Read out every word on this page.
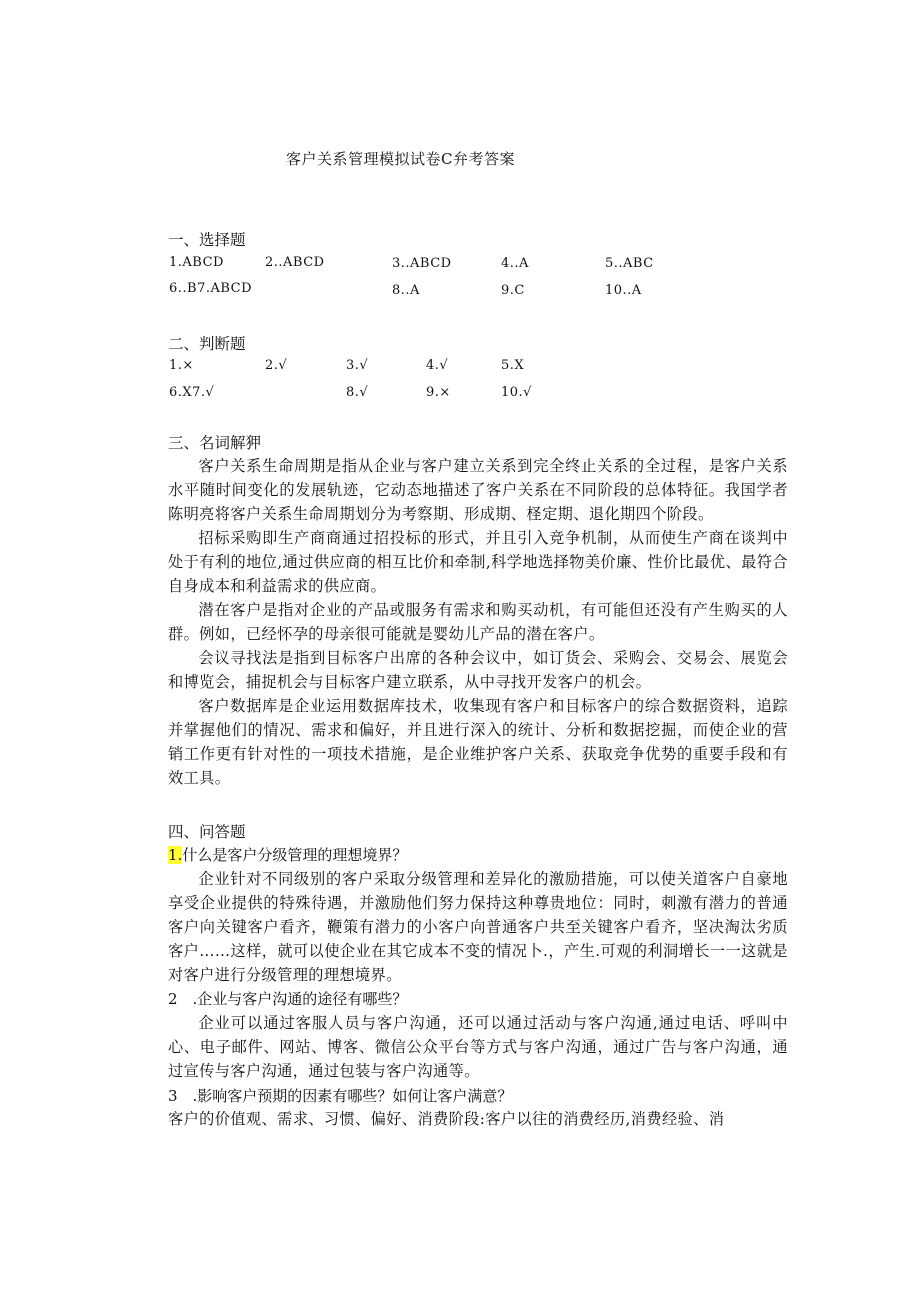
客户关系管理模拟试卷C弁考答案
一、选择题
1.ABCD	2..ABCD	3..ABCD	4..A	5..ABC
6..B7.ABCD	8..A	9.C	10..A
二、判断题
1.×	2.√	3.√	4.√	5.X
6.X7.√	8.√	9.×	10.√
三、名词解狎

客户关系生命周期是指从企业与客户建立关系到完全终止关系的全过程，是客户关系水平随时间变化的发展轨迹，它动态地描述了客户关系在不同阶段的总体特征。我国学者陈明亮将客户关系生命周期划分为考察期、形成期、柽定期、退化期四个阶段。

招标采购即生产商商通过招投标的形式，并且引入竞争机制，从而使生产商在谈判中处于有利的地位,通过供应商的相互比价和牵制,科学地选择物美价廉、性价比最优、最符合自身成本和利益需求的供应商。

潜在客户是指对企业的产品或服务有需求和购买动机，有可能但还没有产生购买的人群。例如，已经怀孕的母亲很可能就是婴幼儿产品的潜在客户。

会议寻找法是指到目标客户出席的各种会议中，如订货会、采购会、交易会、展览会和博览会，捕捉机会与目标客户建立联系，从中寻找开发客户的机会。

客户数据库是企业运用数据库技术，收集现有客户和目标客户的综合数据资料，追踪并掌握他们的情况、需求和偏好，并且进行深入的统计、分析和数据挖掘，而使企业的营销工作更有针对性的一项技术措施，是企业维护客户关系、获取竞争优势的重要手段和有效工具。

四、问答题
1.什么是客户分级管理的理想境界？

企业针对不同级别的客户采取分级管理和差异化的激励措施，可以使关道客户自豪地享受企业提供的特殊待遇，并激励他们努力保持这种尊贵地位：同时，刺激有潜力的普通客户向关键客户看齐，鞭策有潜力的小客户向普通客户共至关键客户看齐，坚决淘汰劣质客户……这样，就可以使企业在其它成本不变的情况卜.，产生.可观的利洞增长一一这就是对客户进行分级管理的理想境界。

2　.企业与客户沟通的途径有哪些？

企业可以通过客服人员与客户沟通，还可以通过活动与客户沟通,通过电话、呼叫中心、电子邮件、网站、博客、微信公众平台等方式与客户沟通，通过广告与客户沟通，通过宣传与客户沟通，通过包装与客户沟通等。

3　.影响客户预期的因素有哪些？如何让客户满意？

客户的价值观、需求、习惯、偏好、消费阶段:客户以往的消费经历,消费经验、消
